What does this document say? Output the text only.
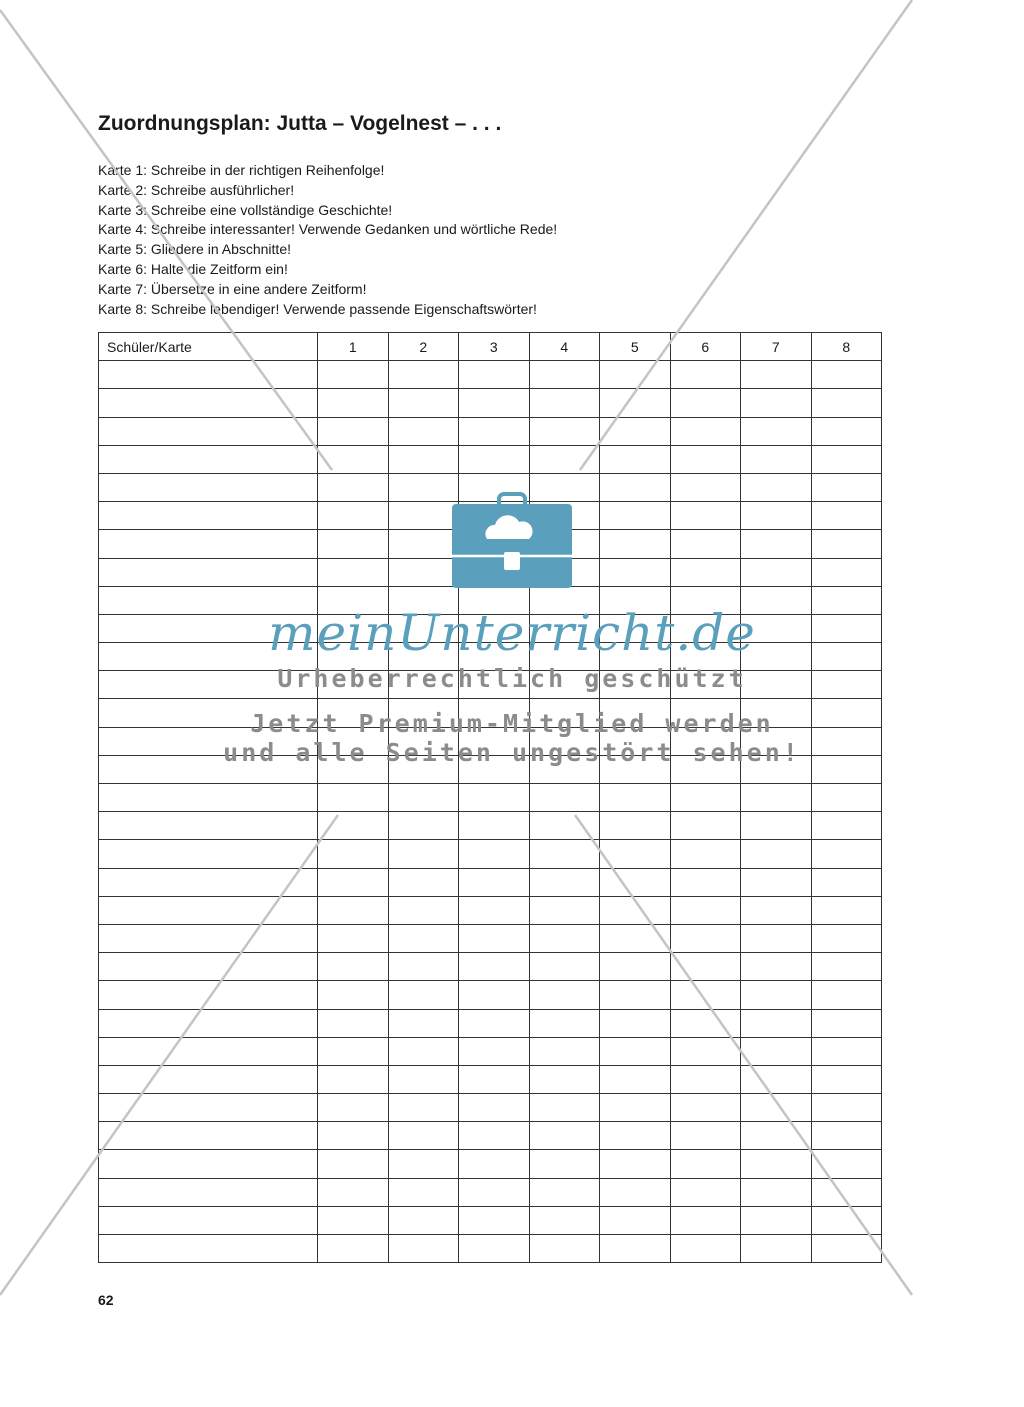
Zuordnungsplan: Jutta – Vogelnest – . . .
Karte 1: Schreibe in der richtigen Reihenfolge!
Karte 2: Schreibe ausführlicher!
Karte 3: Schreibe eine vollständige Geschichte!
Karte 4: Schreibe interessanter! Verwende Gedanken und wörtliche Rede!
Karte 5: Gliedere in Abschnitte!
Karte 6: Halte die Zeitform ein!
Karte 7: Übersetze in eine andere Zeitform!
Karte 8: Schreibe lebendiger! Verwende passende Eigenschaftswörter!
Schüler/Karte	1	2	3	4	5	6	7	8

62
meinUnterricht.de
Urheberrechtlich geschützt
Jetzt Premium-Mitglied werden
und alle Seiten ungestört sehen!
